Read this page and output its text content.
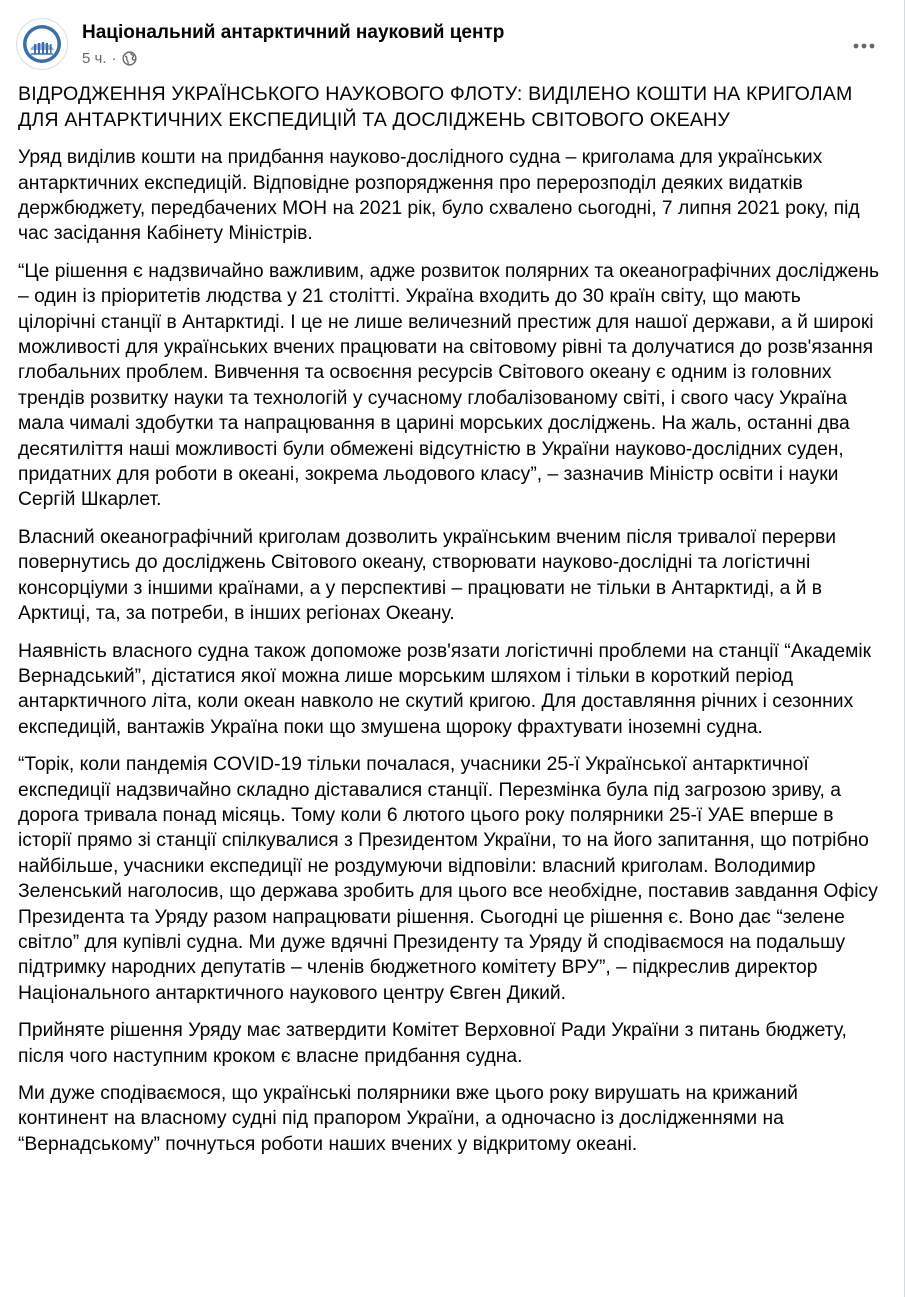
Національний антарктичний науковий центр
5 ч. ·
ВІДРОДЖЕННЯ УКРАЇНСЬКОГО НАУКОВОГО ФЛОТУ: ВИДІЛЕНО КОШТИ НА КРИГОЛАМ ДЛЯ АНТАРКТИЧНИХ ЕКСПЕДИЦІЙ ТА ДОСЛІДЖЕНЬ СВІТОВОГО ОКЕАНУ
Уряд виділив кошти на придбання науково-дослідного судна – криголама для українських антарктичних експедицій. Відповідне розпорядження про перерозподіл деяких видатків держбюджету, передбачених МОН на 2021 рік, було схвалено сьогодні, 7 липня 2021 року, під час засідання Кабінету Міністрів.
“Це рішення є надзвичайно важливим, адже розвиток полярних та океанографічних досліджень – один із пріоритетів людства у 21 столітті. Україна входить до 30 країн світу, що мають цілорічні станції в Антарктиді. І це не лише величезний престиж для нашої держави, а й широкі можливості для українських вчених працювати на світовому рівні та долучатися до розв'язання глобальних проблем. Вивчення та освоєння ресурсів Світового океану є одним із головних трендів розвитку науки та технологій у сучасному глобалізованому світі, і свого часу Україна мала чималі здобутки та напрацювання в царині морських досліджень. На жаль, останні два десятиліття наші можливості були обмежені відсутністю в України науково-дослідних суден, придатних для роботи в океані, зокрема льодового класу”, – зазначив Міністр освіти і науки Сергій Шкарлет.
Власний океанографічний криголам дозволить українським вченим після тривалої перерви повернутись до досліджень Світового океану, створювати науково-дослідні та логістичні консорціуми з іншими країнами, а у перспективі – працювати не тільки в Антарктиді, а й в Арктиці, та, за потреби, в інших регіонах Океану.
Наявність власного судна також допоможе розв'язати логістичні проблеми на станції “Академік Вернадський”, дістатися якої можна лише морським шляхом і тільки в короткий період антарктичного літа, коли океан навколо не скутий кригою. Для доставляння річних і сезонних експедицій, вантажів Україна поки що змушена щороку фрахтувати іноземні судна.
“Торік, коли пандемія COVID-19 тільки почалася, учасники 25-ї Української антарктичної експедиції надзвичайно складно діставалися станції. Перезмінка була під загрозою зриву, а дорога тривала понад місяць. Тому коли 6 лютого цього року полярники 25-ї УАЕ вперше в історії прямо зі станції спілкувалися з Президентом України, то на його запитання, що потрібно найбільше, учасники експедиції не роздумуючи відповіли: власний криголам. Володимир Зеленський наголосив, що держава зробить для цього все необхідне, поставив завдання Офісу Президента та Уряду разом напрацювати рішення. Сьогодні це рішення є. Воно дає “зелене світло” для купівлі судна. Ми дуже вдячні Президенту та Уряду й сподіваємося на подальшу підтримку народних депутатів – членів бюджетного комітету ВРУ”, – підкреслив директор Національного антарктичного наукового центру Євген Дикий.
Прийняте рішення Уряду має затвердити Комітет Верховної Ради України з питань бюджету, після чого наступним кроком є власне придбання судна.
Ми дуже сподіваємося, що українські полярники вже цього року вирушать на крижаний континент на власному судні під прапором України, а одночасно із дослідженнями на “Вернадському” почнуться роботи наших вчених у відкритому океані.
